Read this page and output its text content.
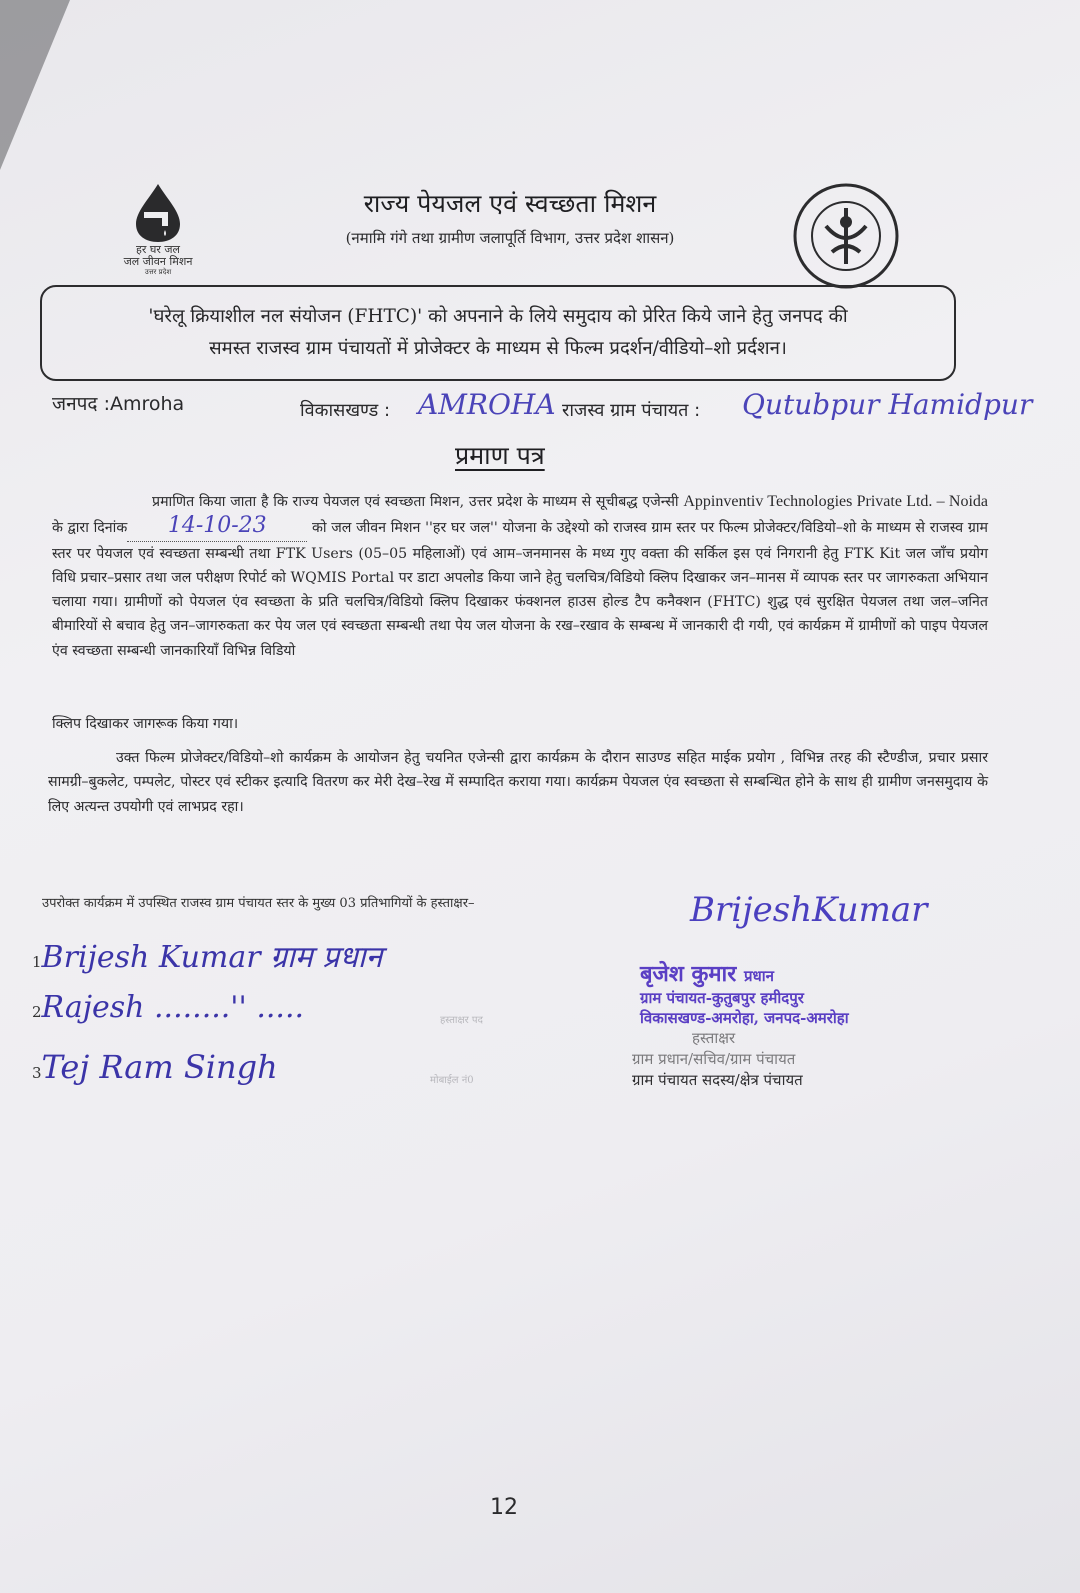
हर घर जल
जल जीवन मिशन
उत्तर प्रदेश
राज्य पेयजल एवं स्वच्छता मिशन
(नमामि गंगे तथा ग्रामीण जलापूर्ति विभाग, उत्तर प्रदेश शासन)
'घरेलू क्रियाशील नल संयोजन (FHTC)' को अपनाने के लिये समुदाय को प्रेरित किये जाने हेतु जनपद की
समस्त राजस्व ग्राम पंचायतों में प्रोजेक्टर के माध्यम से फिल्म प्रदर्शन/वीडियो–शो प्रर्दशन।
जनपद :Amroha	विकासखण्ड : AMROHA राजस्व ग्राम पंचायत : Qutubpur Hamidpur
प्रमाण पत्र
प्रमाणित किया जाता है कि राज्य पेयजल एवं स्वच्छता मिशन, उत्तर प्रदेश के माध्यम से सूचीबद्ध एजेन्सी Appinventiv Technologies Private Ltd. – Noida के द्वारा दिनांक 14-10-23	को जल जीवन मिशन ''हर घर जल'' योजना के उद्देश्यो को राजस्व ग्राम स्तर पर फिल्म प्रोजेक्टर/विडियो–शो के माध्यम से राजस्व ग्राम स्तर पर पेयजल एवं स्वच्छता सम्बन्धी तथा FTK Users (05–05 महिलाओं) एवं आम–जनमानस के मध्य गुए वक्ता की सर्किल इस एवं निगरानी हेतु FTK Kit जल जाँच प्रयोग विधि प्रचार–प्रसार तथा जल परीक्षण रिपोर्ट को WQMIS Portal पर डाटा अपलोड किया जाने हेतु चलचित्र/विडियो क्लिप दिखाकर जन–मानस में व्यापक स्तर पर जागरुकता अभियान चलाया गया। ग्रामीणों को पेयजल एंव स्वच्छता के प्रति चलचित्र/विडियो क्लिप दिखाकर फंक्शनल हाउस होल्ड टैप कनैक्शन (FHTC) शुद्ध एवं सुरक्षित पेयजल तथा जल–जनित बीमारियों से बचाव हेतु जन–जागरुकता कर पेय जल एवं स्वच्छता सम्बन्धी तथा पेय जल योजना के रख–रखाव के सम्बन्ध में जानकारी दी गयी, एवं कार्यक्रम में ग्रामीणों को पाइप पेयजल एंव स्वच्छता सम्बन्धी जानकारियाँ विभिन्न विडियो
क्लिप दिखाकर जागरूक किया गया।
उक्त फिल्म प्रोजेक्टर/विडियो–शो कार्यक्रम के आयोजन हेतु चयनित एजेन्सी द्वारा कार्यक्रम के दौरान साउण्ड सहित माईक प्रयोग , विभिन्न तरह की स्टैण्डीज, प्रचार प्रसार सामग्री–बुकलेट, पम्पलेट, पोस्टर एवं स्टीकर इत्यादि वितरण कर मेरी देख–रेख में सम्पादित कराया गया। कार्यक्रम पेयजल एंव स्वच्छता से सम्बन्धित होने के साथ ही ग्रामीण जनसमुदाय के लिए अत्यन्त उपयोगी एवं लाभप्रद रहा।
उपरोक्त कार्यक्रम में उपस्थित राजस्व ग्राम पंचायत स्तर के मुख्य 03 प्रतिभागियों के हस्ताक्षर–
1Brijesh Kumar ग्राम प्रधान
2Rajesh ........'' .....
3Tej Ram Singh
हस्ताक्षर पद
मोबाईल नं0
BrijeshKumar
बृजेश कुमार प्रधान
ग्राम पंचायत-कुतुबपुर हमीदपुर
विकासखण्ड-अमरोहा, जनपद-अमरोहा
हस्ताक्षर
ग्राम प्रधान/सचिव/ग्राम पंचायत
ग्राम पंचायत सदस्य/क्षेत्र पंचायत
12
